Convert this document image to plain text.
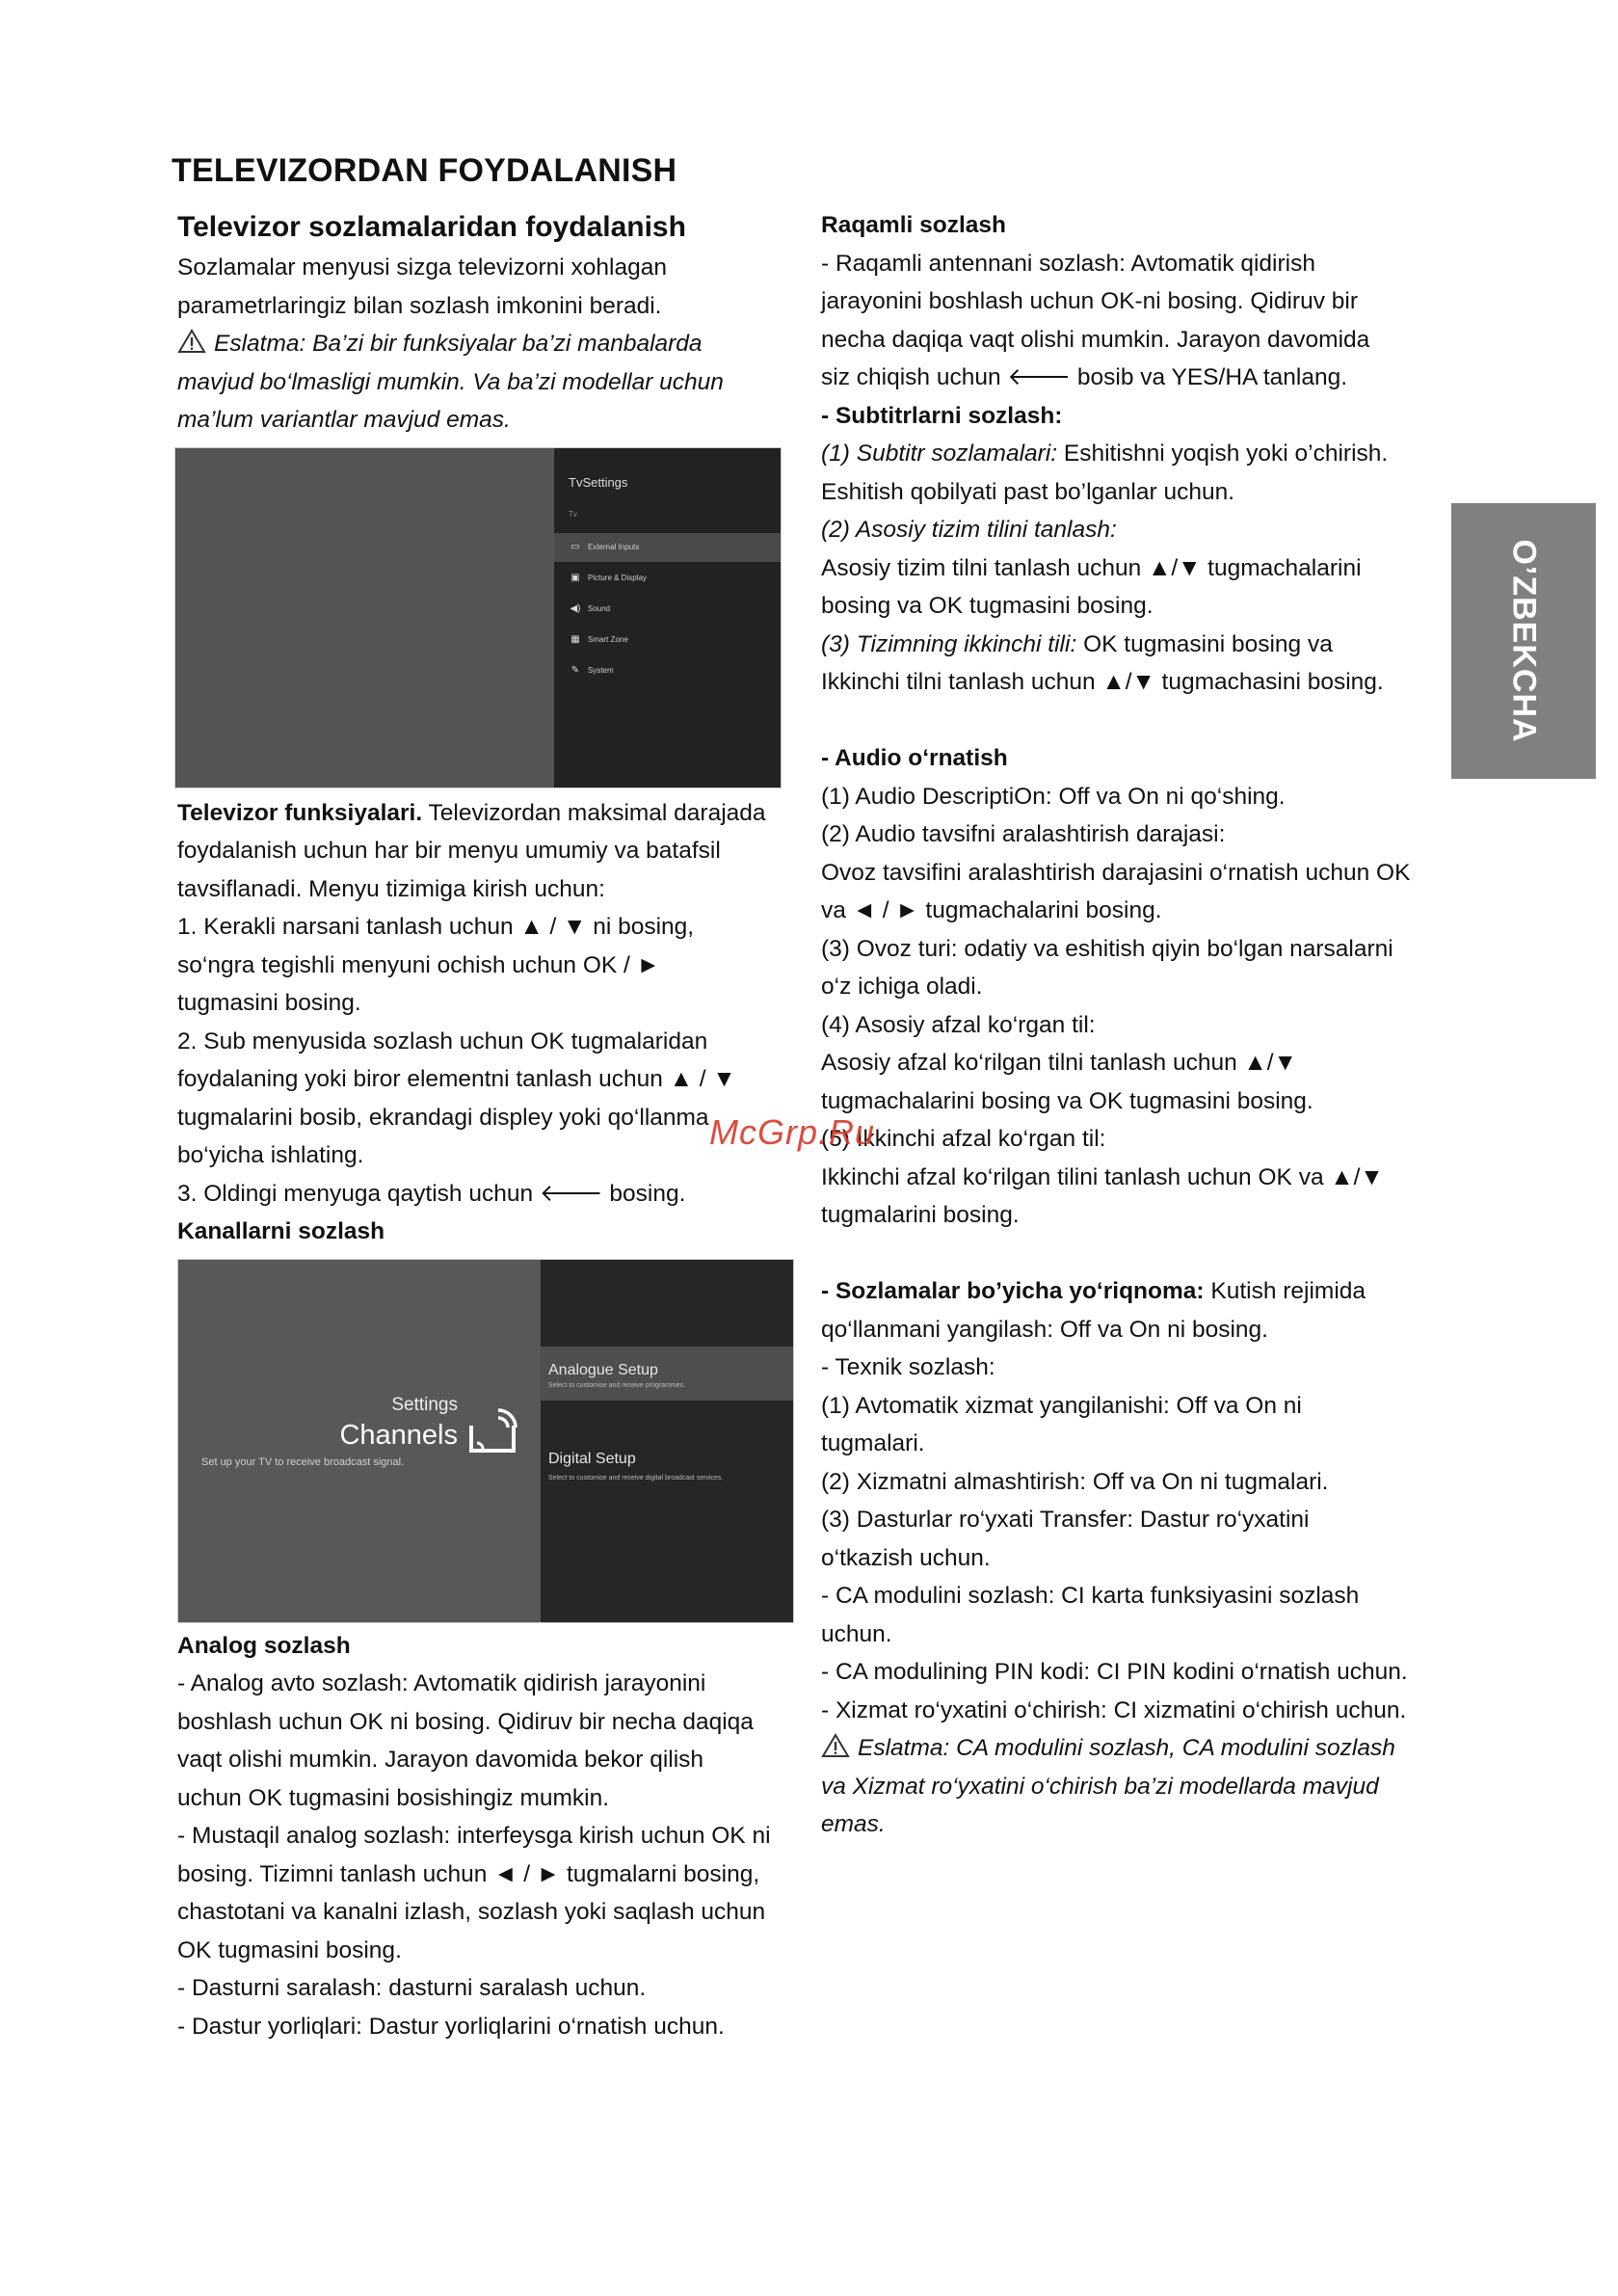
TELEVIZORDAN FOYDALANISH

Televizor sozlamalaridan foydalanish

Sozlamalar menyusi sizga televizorni xohlagan

parametrlaringiz bilan sozlash imkonini beradi.

Eslatma: Ba’zi bir funksiyalar ba’zi manbalarda

mavjud bo‘lmasligi mumkin. Va ba’zi modellar uchun

ma’lum variantlar mavjud emas.

TvSettings
Tv
▭ External Inputs
▣ Picture & Display
◀) Sound
▦ Smart Zone
✎ System

Televizor funksiyalari. Televizordan maksimal darajada

foydalanish uchun har bir menyu umumiy va batafsil

tavsiflanadi. Menyu tizimiga kirish uchun:

1. Kerakli narsani tanlash uchun ▲ / ▼ ni bosing,

so‘ngra tegishli menyuni ochish uchun OK / ►

tugmasini bosing.

2. Sub menyusida sozlash uchun OK tugmalaridan

foydalaning yoki biror elementni tanlash uchun ▲ / ▼

tugmalarini bosib, ekrandagi displey yoki qo‘llanma

bo‘yicha ishlating.

3. Oldingi menyuga qaytish uchun 🡐 bosing.

Kanallarni sozlash

Settings
Channels
Set up your TV to receive broadcast signal.
Analogue Setup
Select to customise and receive programmes.
Digital Setup
Select to customise and receive digital broadcast services.

Analog sozlash

- Analog avto sozlash: Avtomatik qidirish jarayonini

boshlash uchun OK ni bosing. Qidiruv bir necha daqiqa

vaqt olishi mumkin. Jarayon davomida bekor qilish

uchun OK tugmasini bosishingiz mumkin.

- Mustaqil analog sozlash: interfeysga kirish uchun OK ni

bosing. Tizimni tanlash uchun ◄ / ► tugmalarni bosing,

chastotani va kanalni izlash, sozlash yoki saqlash uchun

OK tugmasini bosing.

- Dasturni saralash: dasturni saralash uchun.

- Dastur yorliqlari: Dastur yorliqlarini o‘rnatish uchun.

Raqamli sozlash

- Raqamli antennani sozlash: Avtomatik qidirish

jarayonini boshlash uchun OK-ni bosing. Qidiruv bir

necha daqiqa vaqt olishi mumkin. Jarayon davomida

siz chiqish uchun 🡐 bosib va YES/HA tanlang.

- Subtitrlarni sozlash:

(1) Subtitr sozlamalari: Eshitishni yoqish yoki o’chirish.

Eshitish qobilyati past bo’lganlar uchun.

(2) Asosiy tizim tilini tanlash:

Asosiy tizim tilni tanlash uchun ▲/▼ tugmachalarini

bosing va OK tugmasini bosing.

(3) Tizimning ikkinchi tili: OK tugmasini bosing va

Ikkinchi tilni tanlash uchun ▲/▼ tugmachasini bosing.

- Audio o‘rnatish

(1) Audio DescriptiOn: Off va On ni qo‘shing.

(2) Audio tavsifni aralashtirish darajasi:

Ovoz tavsifini aralashtirish darajasini o‘rnatish uchun OK

va ◄ / ► tugmachalarini bosing.

(3) Ovoz turi: odatiy va eshitish qiyin bo‘lgan narsalarni

o‘z ichiga oladi.

(4) Asosiy afzal ko‘rgan til:

Asosiy afzal ko‘rilgan tilni tanlash uchun ▲/▼

tugmachalarini bosing va OK tugmasini bosing.

(5) Ikkinchi afzal ko‘rgan til:

Ikkinchi afzal ko‘rilgan tilini tanlash uchun OK va ▲/▼

tugmalarini bosing.

- Sozlamalar bo’yicha yo‘riqnoma: Kutish rejimida

qo‘llanmani yangilash: Off va On ni bosing.

- Texnik sozlash:

(1) Avtomatik xizmat yangilanishi: Off va On ni

tugmalari.

(2) Xizmatni almashtirish: Off va On ni tugmalari.

(3) Dasturlar ro‘yxati Transfer: Dastur ro‘yxatini

o‘tkazish uchun.

- CA modulini sozlash: CI karta funksiyasini sozlash

uchun.

- CA modulining PIN kodi: CI PIN kodini o‘rnatish uchun.

- Xizmat ro‘yxatini o‘chirish: CI xizmatini o‘chirish uchun.

Eslatma: CA modulini sozlash, CA modulini sozlash

va Xizmat ro‘yxatini o‘chirish ba’zi modellarda mavjud

emas.

O’ZBEKCHA
McGrp.Ru
